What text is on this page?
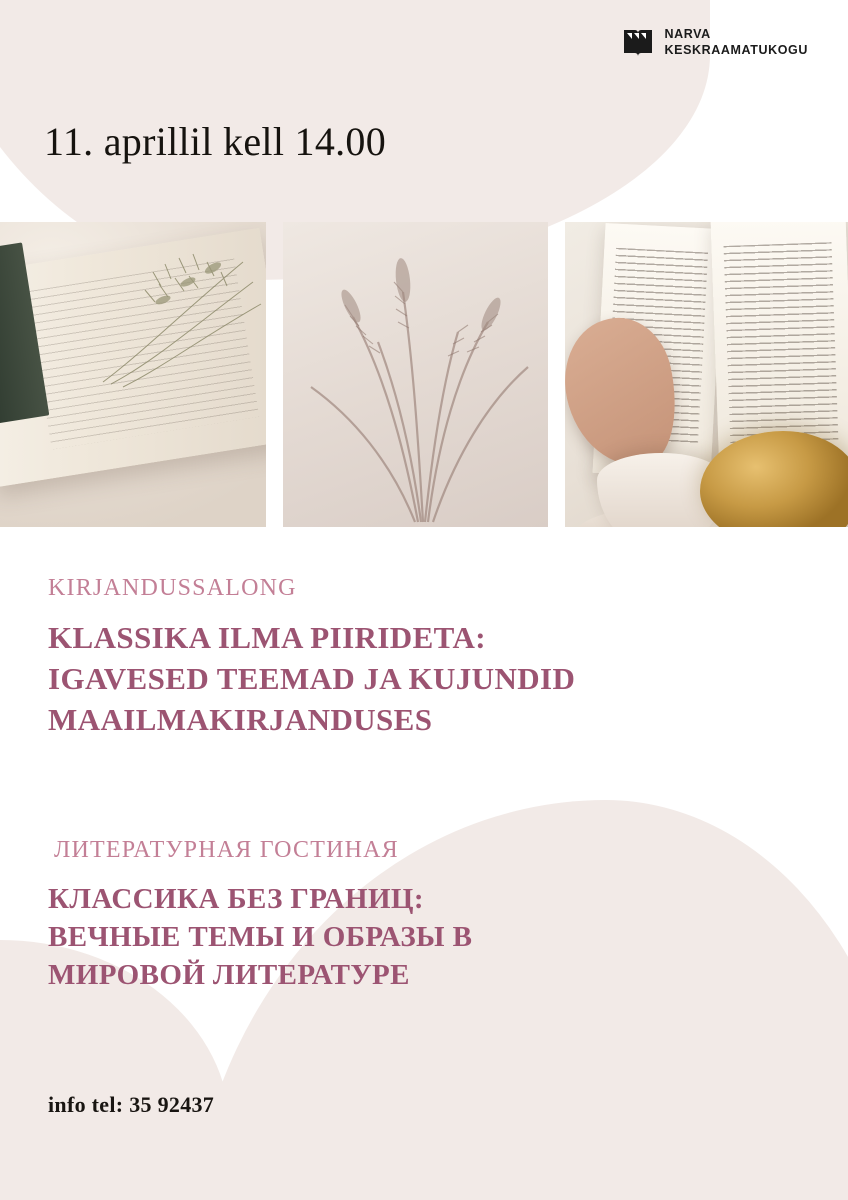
NARVA
KESKRAAMATUKOGU
11. aprillil kell 14.00

KIRJANDUSSALONG

KLASSIKA ILMA PIIRIDETA:
IGAVESED TEEMAD JA KUJUNDID
MAAILMAKIRJANDUSES

ЛИТЕРАТУРНАЯ ГОСТИНАЯ

КЛАССИКА БЕЗ ГРАНИЦ:
ВЕЧНЫЕ ТЕМЫ И ОБРАЗЫ В
МИРОВОЙ ЛИТЕРАТУРЕ

info tel: 35 92437
